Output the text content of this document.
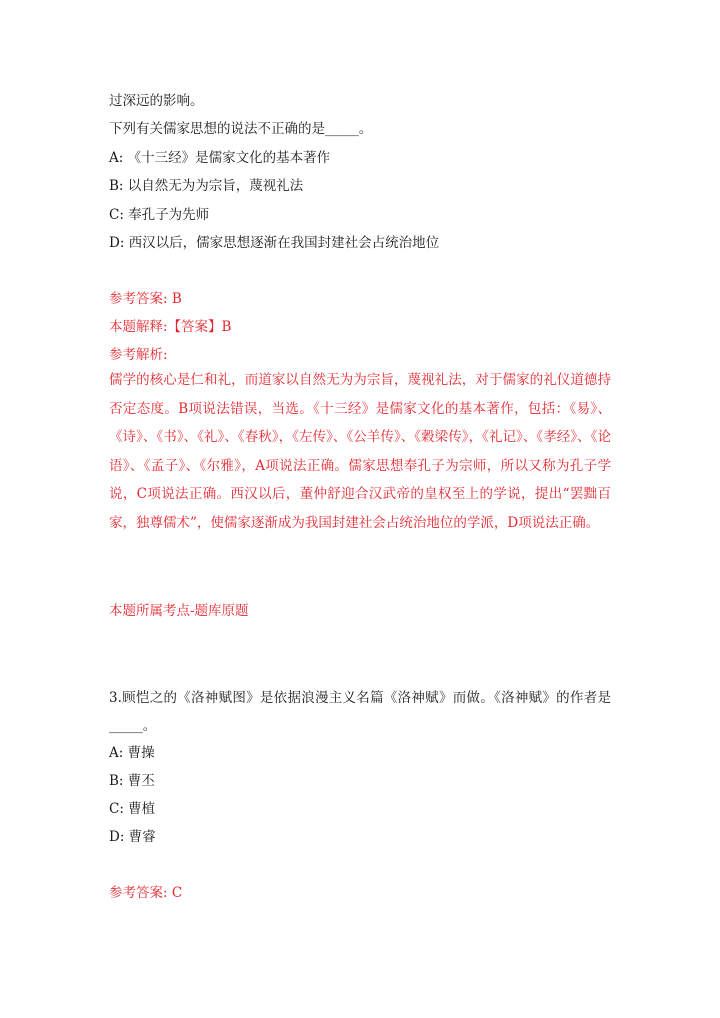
过深远的影响。
下列有关儒家思想的说法不正确的是_____。
A: 《十三经》是儒家文化的基本著作
B: 以自然无为为宗旨，蔑视礼法
C: 奉孔子为先师
D: 西汉以后，儒家思想逐渐在我国封建社会占统治地位
参考答案: B
本题解释:【答案】B
参考解析:
儒学的核心是仁和礼，而道家以自然无为为宗旨，蔑视礼法，对于儒家的礼仪道德持否定态度。B项说法错误，当选。《十三经》是儒家文化的基本著作，包括：《易》、《诗》、《书》、《礼》、《春秋》，《左传》、《公羊传》、《穀梁传》，《礼记》、《孝经》、《论语》、《孟子》、《尔雅》，A项说法正确。儒家思想奉孔子为宗师，所以又称为孔子学说，C项说法正确。西汉以后，董仲舒迎合汉武帝的皇权至上的学说，提出“罢黜百家，独尊儒术”，使儒家逐渐成为我国封建社会占统治地位的学派，D项说法正确。
本题所属考点-题库原题
3.顾恺之的《洛神赋图》是依据浪漫主义名篇《洛神赋》而做。《洛神赋》的作者是_____。
A: 曹操
B: 曹丕
C: 曹植
D: 曹睿
参考答案: C
